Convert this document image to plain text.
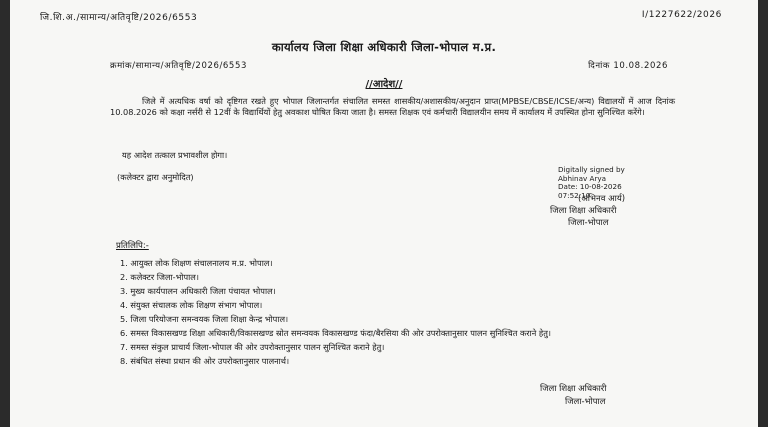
जि.शि.अ./सामान्य/अतिवृष्टि/2026/6553	I/1227622/2026
कार्यालय जिला शिक्षा अधिकारी जिला-भोपाल म.प्र.
क्रमांक/सामान्य/अतिवृष्टि/2026/6553	दिनांक 10.08.2026
//आदेश//
जिले में अत्यधिक वर्षा को दृष्टिगत रखते हुए भोपाल जिलान्तर्गत संचालित समस्त शासकीय/अशासकीय/अनुदान प्राप्त(MPBSE/CBSE/ICSE/अन्य) विद्यालयों में आज दिनांक 10.08.2026 को कक्षा नर्सरी से 12वीं के विद्यार्थियों हेतु अवकाश घोषित किया जाता है। समस्त शिक्षक एवं कर्मचारी विद्यालयीन समय में कार्यालय में उपस्थित होना सुनिश्चित करेंगे।
यह आदेश तत्काल प्रभावशील होगा।
(कलेक्टर द्वारा अनुमोदित)
Digitally signed by
Abhinav Arya
Date: 10-08-2026
07:52:10
(अभिनव आर्य)
जिला शिक्षा अधिकारी
जिला-भोपाल
प्रतिलिपि:-
1. आयुक्त लोक शिक्षण संचालनालय म.प्र. भोपाल।
2. कलेक्टर जिला-भोपाल।
3. मुख्य कार्यपालन अधिकारी जिला पंचायत भोपाल।
4. संयुक्त संचालक लोक शिक्षण संभाग भोपाल।
5. जिला परियोजना समन्वयक जिला शिक्षा केन्द्र भोपाल।
6. समस्त विकासखण्ड शिक्षा अधिकारी/विकासखण्ड स्रोत समन्वयक विकासखण्ड फंदा/बैरसिया की ओर उपरोक्तानुसार पालन सुनिश्चित कराने हेतु।
7. समस्त संकुल प्राचार्य जिला-भोपाल की ओर उपरोक्तानुसार पालन सुनिश्चित कराने हेतु।
8. संबंधित संस्था प्रधान की ओर उपरोक्तानुसार पालनार्थ।
जिला शिक्षा अधिकारी
जिला-भोपाल
